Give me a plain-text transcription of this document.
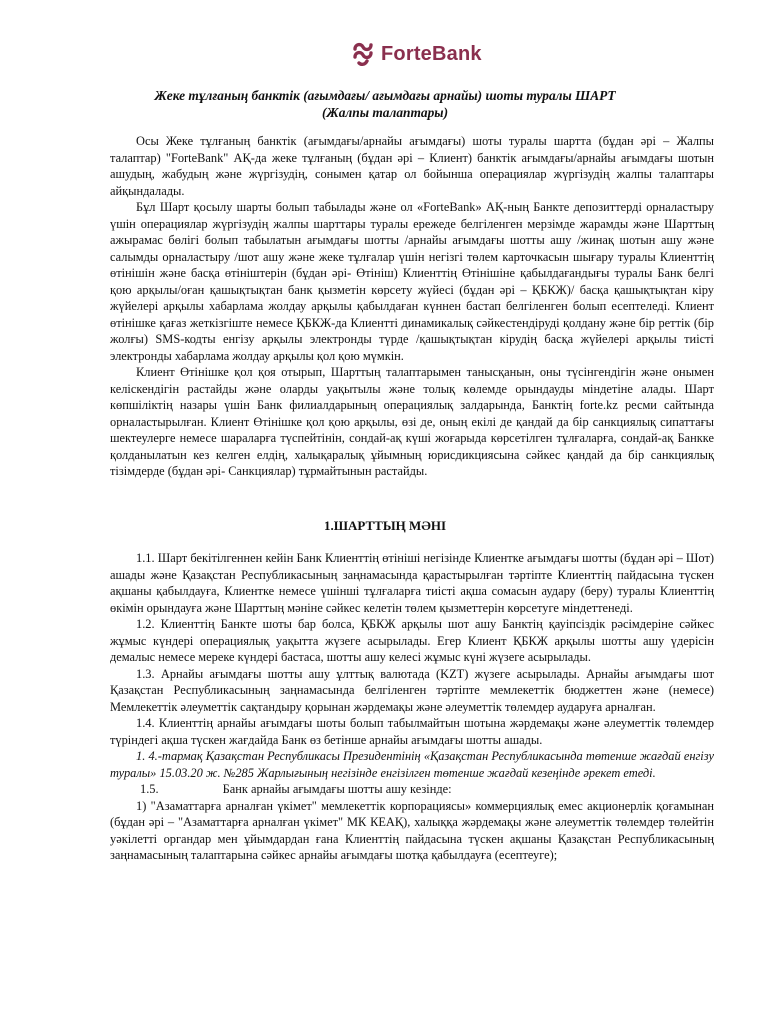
ForteBank
Жеке тұлғаның банктік (ағымдағы/ ағымдағы арнайы) шоты туралы ШАРТ
(Жалпы талаптары)

Осы Жеке тұлғаның банктік (ағымдағы/арнайы ағымдағы) шоты туралы шартта (бұдан әрі – Жалпы талаптар) "ForteBank" АҚ-да жеке тұлғаның (бұдан әрі – Клиент) банктік ағымдағы/арнайы ағымдағы шотын ашудың, жабудың және жүргізудің, сонымен қатар ол бойынша операциялар жүргізудің жалпы талаптары айқындалады.

Бұл Шарт қосылу шарты болып табылады және ол «ForteBank» АҚ-ның Банкте депозиттерді орналастыру үшін операциялар жүргізудің жалпы шарттары туралы ережеде белгіленген мерзімде жарамды және Шарттың ажырамас бөлігі болып табылатын ағымдағы шотты /арнайы ағымдағы шотты ашу /жинақ шотын ашу және салымды орналастыру /шот ашу және жеке тұлғалар үшін негізгі төлем карточкасын шығару туралы Клиенттің өтінішін және басқа өтініштерін (бұдан әрі- Өтініш) Клиенттің Өтінішіне қабылдағандығы туралы Банк белгі қою арқылы/оған қашықтықтан банк қызметін көрсету жүйесі (бұдан әрі – ҚБКЖ)/ басқа қашықтықтан кіру жүйелері арқылы хабарлама жолдау арқылы қабылдаған күннен бастап белгіленген болып есептеледі. Клиент өтінішке қағаз жеткізгіште немесе ҚБКЖ-да Клиентті динамикалық сәйкестендіруді қолдану және бір реттік (бір жолғы) SMS-кодты енгізу арқылы электронды түрде /қашықтықтан кірудің басқа жүйелері арқылы тиісті электронды хабарлама жолдау арқылы қол қою мүмкін.

Клиент Өтінішке қол қоя отырып, Шарттың талаптарымен танысқанын, оны түсінгендігін және онымен келіскендігін растайды және оларды уақытылы және толық көлемде орындауды міндетіне алады. Шарт көпшіліктің назары үшін Банк филиалдарының операциялық залдарында, Банктің forte.kz ресми сайтында орналастырылған. Клиент Өтінішке қол қою арқылы, өзі де, оның екілі де қандай да бір санкциялық сипаттағы шектеулерге немесе шараларға түспейтінін, сондай-ақ күші жоғарыда көрсетілген тұлғаларға, сондай-ақ Банкке қолданылатын кез келген елдің, халықаралық ұйымның юрисдикциясына сәйкес қандай да бір санкциялық тізімдерде (бұдан әрі- Санкциялар) тұрмайтынын растайды.

1.ШАРТТЫҢ МӘНІ

1.1. Шарт бекітілгеннен кейін Банк Клиенттің өтініші негізінде Клиентке ағымдағы шотты (бұдан әрі – Шот) ашады және Қазақстан Республикасының заңнамасында қарастырылған тәртіпте Клиенттің пайдасына түскен ақшаны қабылдауға, Клиентке немесе үшінші тұлғаларға тиісті ақша сомасын аудару (беру) туралы Клиенттің өкімін орындауға және Шарттың мәніне сәйкес келетін төлем қызметтерін көрсетуге міндеттенеді.

1.2. Клиенттің Банкте шоты бар болса, ҚБКЖ арқылы шот ашу Банктің қауіпсіздік рәсімдеріне сәйкес жұмыс күндері операциялық уақытта жүзеге асырылады. Егер Клиент ҚБКЖ арқылы шотты ашу үдерісін демалыс немесе мереке күндері бастаса, шотты ашу келесі жұмыс күні жүзеге асырылады.

1.3. Арнайы ағымдағы шотты ашу ұлттық валютада (KZT) жүзеге асырылады. Арнайы ағымдағы шот Қазақстан Республикасының заңнамасында белгіленген тәртіпте мемлекеттік бюджеттен және (немесе) Мемлекеттік әлеуметтік сақтандыру қорынан жәрдемақы және әлеуметтік төлемдер аударуға арналған.

1.4. Клиенттің арнайы ағымдағы шоты болып табылмайтын шотына жәрдемақы және әлеуметтік төлемдер түріндегі ақша түскен жағдайда Банк өз бетінше арнайы ағымдағы шотты ашады.

1. 4.-тармақ Қазақстан Республикасы Президентінің «Қазақстан Республикасында төтенше жағдай енгізу туралы» 15.03.20 ж. №285 Жарлығының негізінде енгізілген төтенше жағдай кезеңінде әрекет етеді.

1.5.	Банк арнайы ағымдағы шотты ашу кезінде:

1) "Азаматтарға арналған үкімет" мемлекеттік корпорациясы» коммерциялық емес акционерлік қоғамынан (бұдан әрі – "Азаматтарға арналған үкімет" МК КЕАҚ), халыққа жәрдемақы және әлеуметтік төлемдер төлейтін уәкілетті органдар мен ұйымдардан ғана Клиенттің пайдасына түскен ақшаны Қазақстан Республикасының заңнамасының талаптарына сәйкес арнайы ағымдағы шотқа қабылдауға (есептеуге);
